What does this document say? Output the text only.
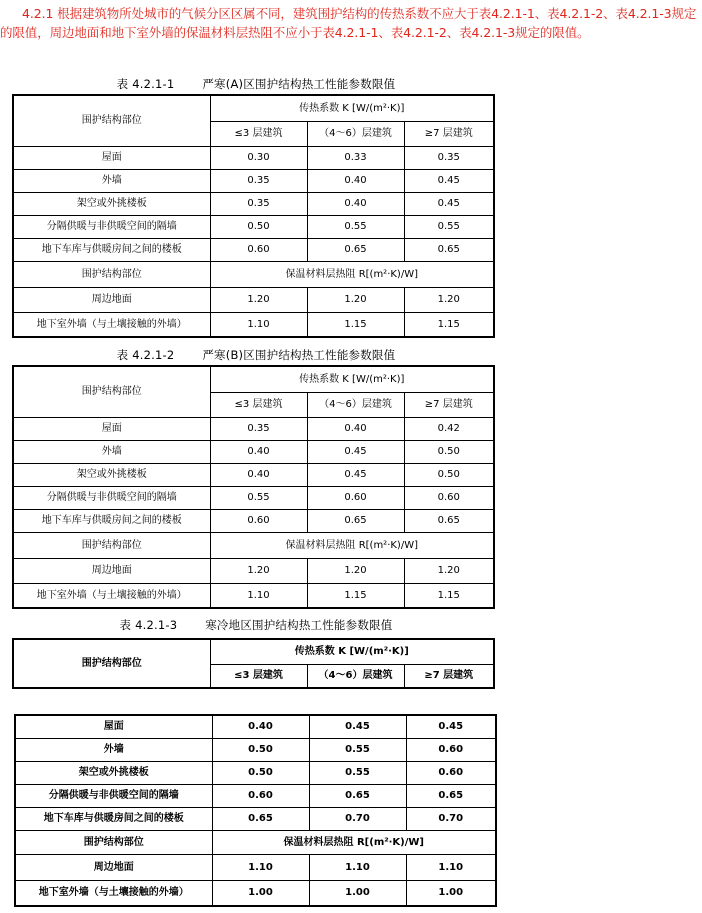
4.2.1 根据建筑物所处城市的气候分区区属不同，建筑围护结构的传热系数不应大于表4.2.1-1、表4.2.1-2、表4.2.1-3规定的限值，周边地面和地下室外墙的保温材料层热阻不应小于表4.2.1-1、表4.2.1-2、表4.2.1-3规定的限值。

表 4.2.1-1 严寒(A)区围护结构热工性能参数限值
围护结构部位	传热系数 K [W/(m²·K)]		
	≤3 层建筑	（4～6）层建筑	≥7 层建筑
屋面	0.30	0.33	0.35
外墙	0.35	0.40	0.45
架空或外挑楼板	0.35	0.40	0.45
分隔供暖与非供暖空间的隔墙	0.50	0.55	0.55
地下车库与供暖房间之间的楼板	0.60	0.65	0.65
围护结构部位	保温材料层热阻 R[(m²·K)/W]		
周边地面	1.20	1.20	1.20
地下室外墙（与土壤接触的外墙）	1.10	1.15	1.15
表 4.2.1-2 严寒(B)区围护结构热工性能参数限值
围护结构部位	传热系数 K [W/(m²·K)]		
	≤3 层建筑	（4～6）层建筑	≥7 层建筑
屋面	0.35	0.40	0.42
外墙	0.40	0.45	0.50
架空或外挑楼板	0.40	0.45	0.50
分隔供暖与非供暖空间的隔墙	0.55	0.60	0.60
地下车库与供暖房间之间的楼板	0.60	0.65	0.65
围护结构部位	保温材料层热阻 R[(m²·K)/W]		
周边地面	1.20	1.20	1.20
地下室外墙（与土壤接触的外墙）	1.10	1.15	1.15
表 4.2.1-3 寒冷地区围护结构热工性能参数限值
围护结构部位	传热系数 K [W/(m²·K)]		
	≤3 层建筑	（4～6）层建筑	≥7 层建筑
屋面	0.40	0.45	0.45
外墙	0.50	0.55	0.60
架空或外挑楼板	0.50	0.55	0.60
分隔供暖与非供暖空间的隔墙	0.60	0.65	0.65
地下车库与供暖房间之间的楼板	0.65	0.70	0.70
围护结构部位	保温材料层热阻 R[(m²·K)/W]		
周边地面	1.10	1.10	1.10
地下室外墙（与土壤接触的外墙）	1.00	1.00	1.00
